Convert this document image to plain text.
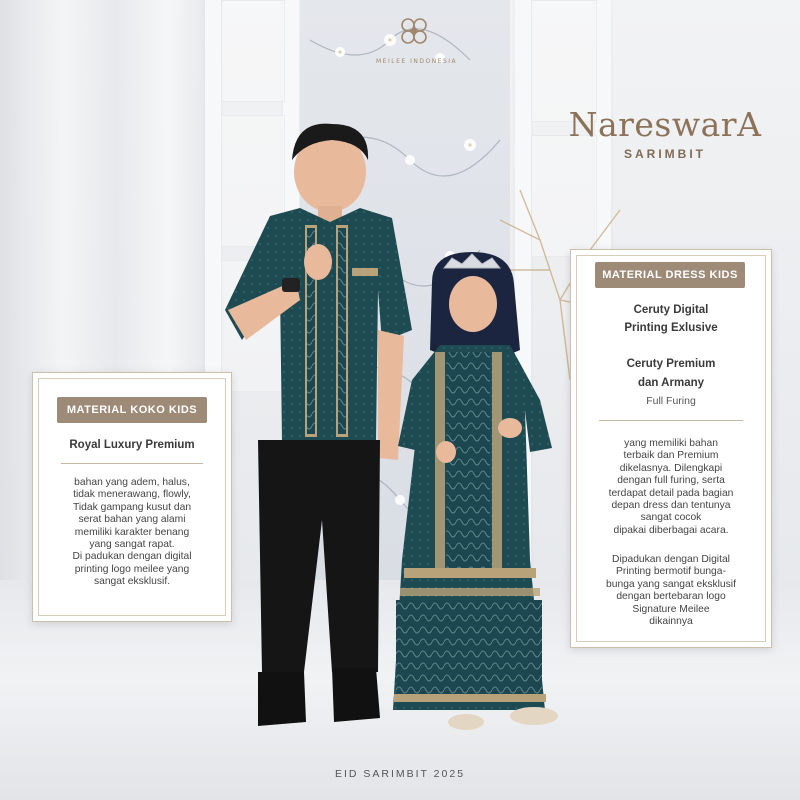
MEILEE INDONESIA
NareswarA
SARIMBIT
MATERIAL KOKO KIDS
Royal Luxury Premium
bahan yang adem, halus,
tidak menerawang, flowly,
Tidak gampang kusut dan
serat bahan yang alami
memiliki karakter benang
yang sangat rapat.
Di padukan dengan digital
printing logo meilee yang
sangat eksklusif.
MATERIAL DRESS KIDS
Ceruty Digital
Printing Exlusive
Ceruty Premium
dan Armany
Full Furing
yang memiliki bahan
terbaik dan Premium
dikelasnya. Dilengkapi
dengan full furing, serta
terdapat detail pada bagian
depan dress dan tentunya
sangat cocok
dipakai diberbagai acara.
Dipadukan dengan Digital
Printing bermotif bunga-
bunga yang sangat eksklusif
dengan bertebaran logo
Signature Meilee
dikainnya
EID SARIMBIT 2025
